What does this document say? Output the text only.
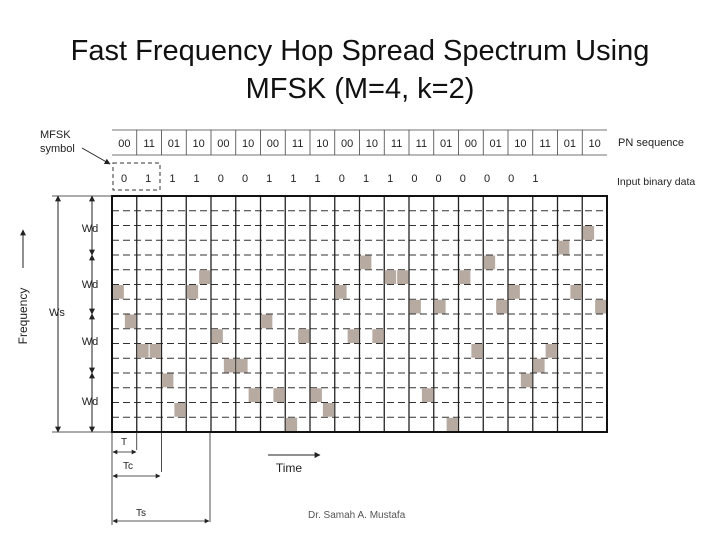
Fast Frequency Hop Spread Spectrum Using
MFSK (M=4, k=2)
00 11 01 10 00 10 00 11 10 00 10 11 11 01 00 01 10 11 01 10 PN sequence
0 1 1 1 0 0 1 1 1 0 1 1 0 0 0 0 0 1	Input binary data
MFSK
symbol
Ws
Wd
Wd
Wd
Wd
Frequency
T
Tc
Ts
Time
Dr. Samah A. Mustafa
